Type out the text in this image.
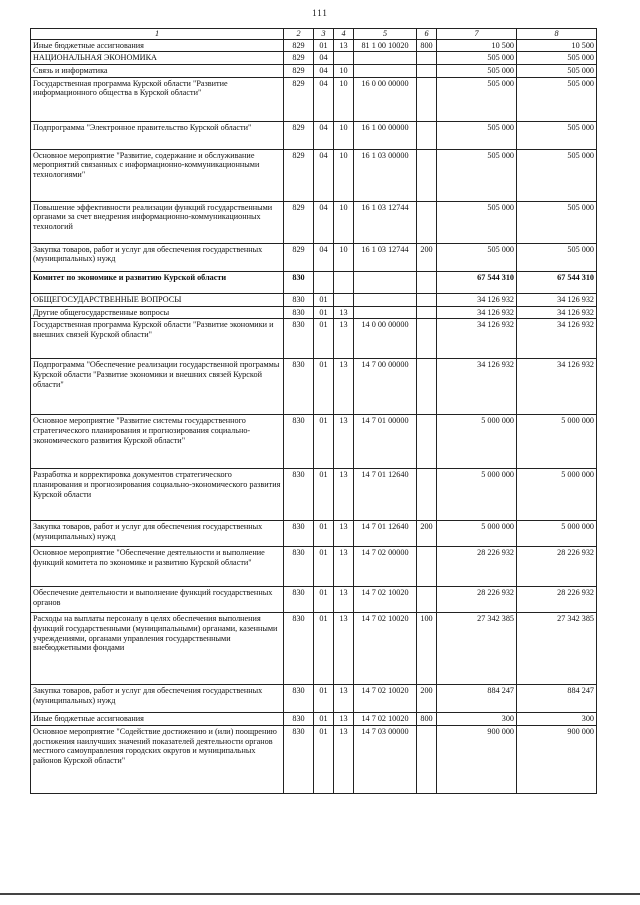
111
1	2	3	4	5	6	7	8
Иные бюджетные ассигнования	829	01	13	81 1 00 10020	800	10 500	10 500
НАЦИОНАЛЬНАЯ ЭКОНОМИКА	829	04				505 000	505 000
Связь и информатика	829	04	10			505 000	505 000
Государственная программа Курской области "Развитие информационного общества в Курской области"	829	04	10	16 0 00 00000		505 000	505 000
Подпрограмма "Электронное правительство Курской области"	829	04	10	16 1 00 00000		505 000	505 000
Основное мероприятие "Развитие, содержание и обслуживание мероприятий связанных с информационно-коммуникационными технологиями"	829	04	10	16 1 03 00000		505 000	505 000
Повышение эффективности реализации функций государственными органами за счет внедрения информационно-коммуникационных технологий	829	04	10	16 1 03 12744		505 000	505 000
Закупка товаров, работ и услуг для обеспечения государственных (муниципальных) нужд	829	04	10	16 1 03 12744	200	505 000	505 000
Комитет по экономике и развитию Курской области	830					67 544 310	67 544 310
ОБЩЕГОСУДАРСТВЕННЫЕ ВОПРОСЫ	830	01				34 126 932	34 126 932
Другие общегосударственные вопросы	830	01	13			34 126 932	34 126 932
Государственная программа Курской области "Развитие экономики и внешних связей Курской области"	830	01	13	14 0 00 00000		34 126 932	34 126 932
Подпрограмма "Обеспечение реализации государственной программы Курской области "Развитие экономики и внешних связей Курской области"	830	01	13	14 7 00 00000		34 126 932	34 126 932
Основное мероприятие "Развитие системы государственного стратегического планирования и прогнозирования социально-экономического развития Курской области"	830	01	13	14 7 01 00000		5 000 000	5 000 000
Разработка и корректировка документов стратегического планирования и прогнозирования социально-экономического развития Курской области	830	01	13	14 7 01 12640		5 000 000	5 000 000
Закупка товаров, работ и услуг для обеспечения государственных (муниципальных) нужд	830	01	13	14 7 01 12640	200	5 000 000	5 000 000
Основное мероприятие "Обеспечение деятельности и выполнение функций комитета по экономике и развитию Курской области"	830	01	13	14 7 02 00000		28 226 932	28 226 932
Обеспечение деятельности и выполнение функций государственных органов	830	01	13	14 7 02 10020		28 226 932	28 226 932
Расходы на выплаты персоналу в целях обеспечения выполнения функций государственными (муниципальными) органами, казенными учреждениями, органами управления государственными внебюджетными фондами	830	01	13	14 7 02 10020	100	27 342 385	27 342 385
Закупка товаров, работ и услуг для обеспечения государственных (муниципальных) нужд	830	01	13	14 7 02 10020	200	884 247	884 247
Иные бюджетные ассигнования	830	01	13	14 7 02 10020	800	300	300
Основное мероприятие "Содействие достижению и (или) поощрению достижения наилучших значений показателей деятельности органов местного самоуправления городских округов и муниципальных районов Курской области"	830	01	13	14 7 03 00000		900 000	900 000
